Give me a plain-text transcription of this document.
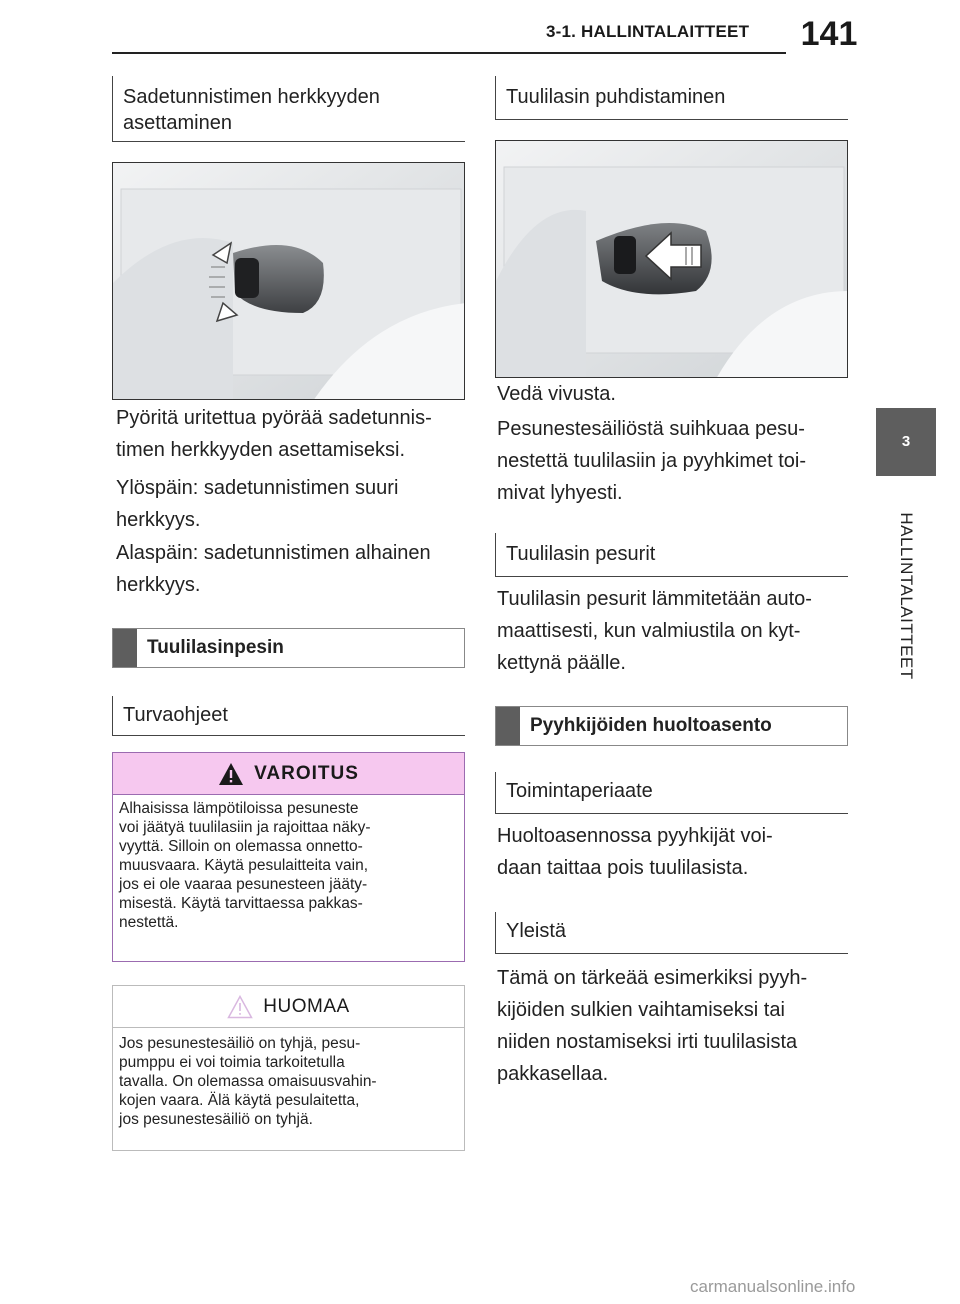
3-1. HALLINTALAITTEET	141
3
HALLINTALAITTEET
Sadetunnistimen herkkyyden
asettaminen
Pyöritä uritettua pyörää sadetunnis-
timen herkkyyden asettamiseksi.
Ylöspäin: sadetunnistimen suuri
herkkyys.
Alaspäin: sadetunnistimen alhainen
herkkyys.
Tuulilasinpesin
Turvaohjeet
VAROITUS
Alhaisissa lämpötiloissa pesuneste
voi jäätyä tuulilasiin ja rajoittaa näky-
vyyttä. Silloin on olemassa onnetto-
muusvaara. Käytä pesulaitteita vain,
jos ei ole vaaraa pesunesteen jääty-
misestä. Käytä tarvittaessa pakkas-
nestettä.
HUOMAA
Jos pesunestesäiliö on tyhjä, pesu-
pumppu ei voi toimia tarkoitetulla
tavalla. On olemassa omaisuusvahin-
kojen vaara. Älä käytä pesulaitetta,
jos pesunestesäiliö on tyhjä.
Tuulilasin puhdistaminen
Vedä vivusta.
Pesunestesäiliöstä suihkuaa pesu-
nestettä tuulilasiin ja pyyhkimet toi-
mivat lyhyesti.
Tuulilasin pesurit
Tuulilasin pesurit lämmitetään auto-
maattisesti, kun valmiustila on kyt-
kettynä päälle.
Pyyhkijöiden huoltoasento
Toimintaperiaate
Huoltoasennossa pyyhkijät voi-
daan taittaa pois tuulilasista.
Yleistä
Tämä on tärkeää esimerkiksi pyyh-
kijöiden sulkien vaihtamiseksi tai
niiden nostamiseksi irti tuulilasista
pakkasellaa.
carmanualsonline.info
